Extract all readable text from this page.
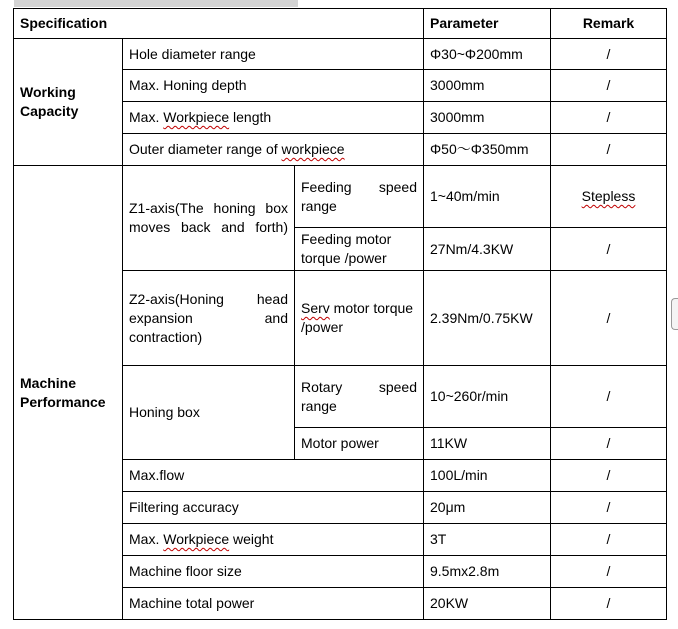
Specification			Parameter	Remark
Working Capacity	Hole diameter range		Φ30~Φ200mm	/
	Max. Honing depth		3000mm	/
	Max. Workpiece length		3000mm	/
	Outer diameter range of workpiece		Φ50～Φ350mm	/
Machine Performance	Z1-axis(The honing box moves back and forth)	Feeding speed range	1~40m/min	Stepless
		Feeding motor torque /power	27Nm/4.3KW	/
	Z2-axis(Honing head expansion and contraction)	Serv motor torque /power	2.39Nm/0.75KW	/
	Honing box	Rotary speed range	10~260r/min	/
		Motor power	11KW	/
	Max.flow		100L/min	/
	Filtering accuracy		20μm	/
	Max. Workpiece weight		3T	/
	Machine floor size		9.5mx2.8m	/
	Machine total power		20KW	/
